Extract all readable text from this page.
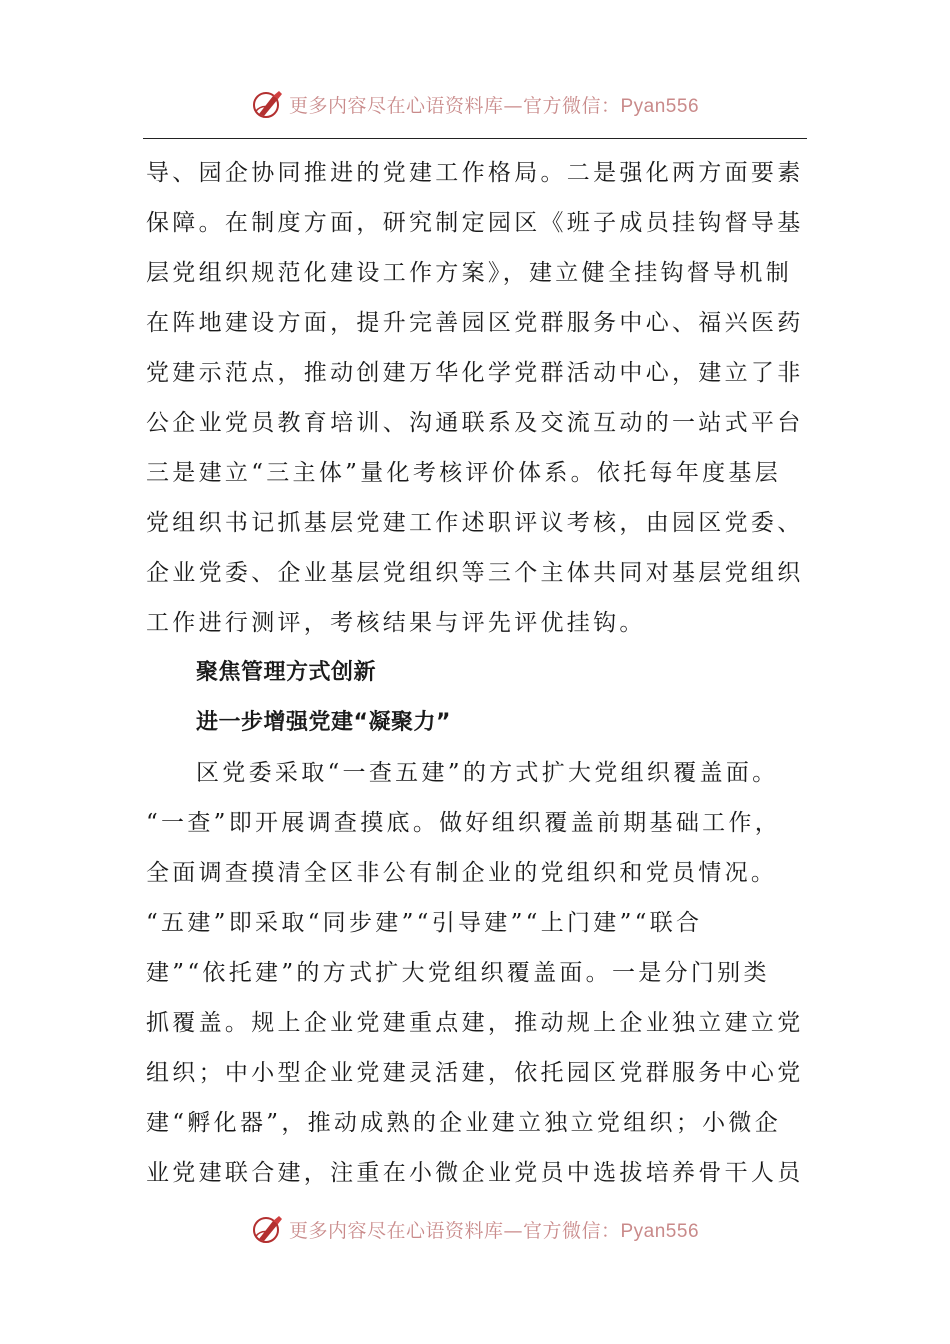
更多内容尽在心语资料库—官方微信：Pyan556
导、园企协同推进的党建工作格局。二是强化两方面要素
保障。在制度方面，研究制定园区《班子成员挂钩督导基
层党组织规范化建设工作方案》，建立健全挂钩督导机制
在阵地建设方面，提升完善园区党群服务中心、福兴医药
党建示范点，推动创建万华化学党群活动中心，建立了非
公企业党员教育培训、沟通联系及交流互动的一站式平台
三是建立“三主体”量化考核评价体系。依托每年度基层
党组织书记抓基层党建工作述职评议考核，由园区党委、
企业党委、企业基层党组织等三个主体共同对基层党组织
工作进行测评，考核结果与评先评优挂钩。
聚焦管理方式创新
进一步增强党建“凝聚力”
区党委采取“一查五建”的方式扩大党组织覆盖面。
“一查”即开展调查摸底。做好组织覆盖前期基础工作，
全面调查摸清全区非公有制企业的党组织和党员情况。
“五建”即采取“同步建”“引导建”“上门建”“联合
建”“依托建”的方式扩大党组织覆盖面。一是分门别类
抓覆盖。规上企业党建重点建，推动规上企业独立建立党
组织；中小型企业党建灵活建，依托园区党群服务中心党
建“孵化器”，推动成熟的企业建立独立党组织；小微企
业党建联合建，注重在小微企业党员中选拔培养骨干人员
更多内容尽在心语资料库—官方微信：Pyan556
